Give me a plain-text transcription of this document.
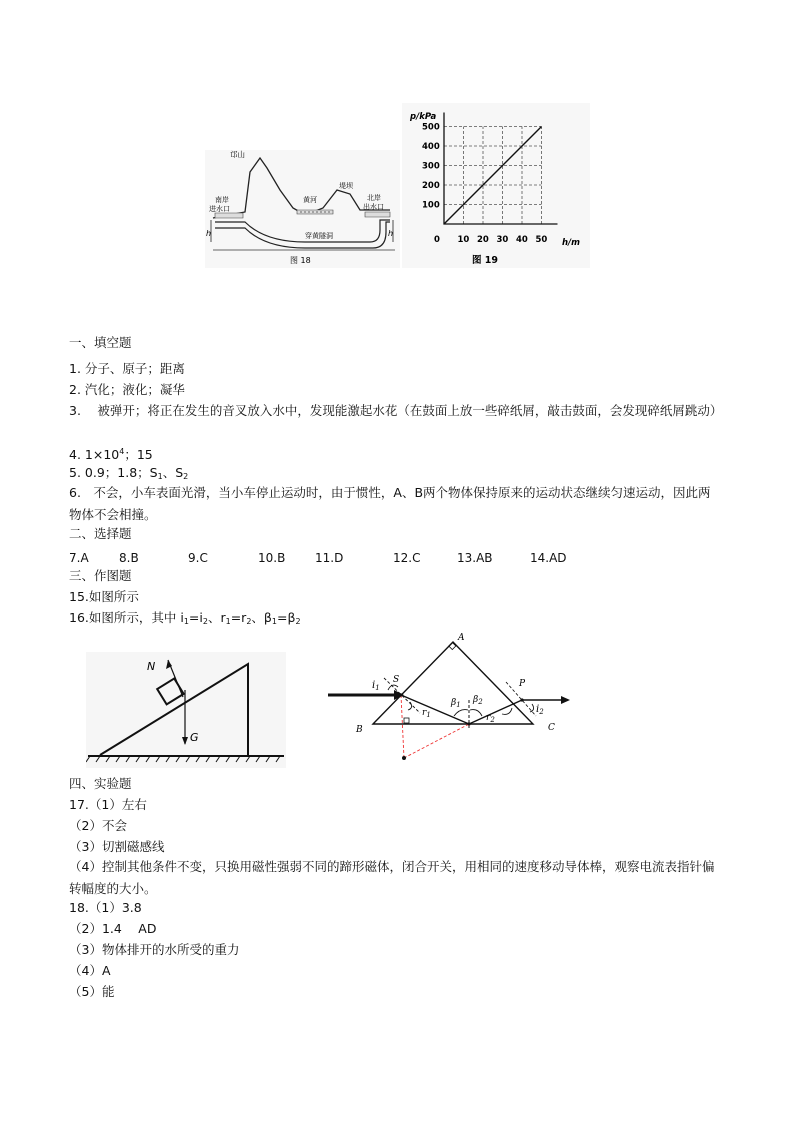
h	h
邙山
黄河
堤坝
南岸
进水口
北岸
出水口
穿黄隧洞
图 18
500
400
300
200
100
0 10 20 30 40 50
p/kPa
h/m
图 19
一、填空题
1. 分子、原子；距离
2. 汽化；液化；凝华
3.　 被弹开；将正在发生的音叉放入水中，发现能激起水花（在鼓面上放一些碎纸屑，敲击鼓面，会发现碎纸屑跳动）
4. $1\times 10^4$；15
5. 0.9；1.8；$S_1$、$S_2$
6.　不会，小车表面光滑，当小车停止运动时，由于惯性，A、B两个物体保持原来的运动状态继续匀速运动，因此两物体不会相撞。
二、选择题
7.A	8.B	9.C	10.B 11.D	12.C	13.AB	14.AD
三、作图题
15.如图所示
16.如图所示，其中 $i_1=i_2$、$r_1=r_2$、$\beta_1=\beta_2$
N
G
A
B	C
S	P
$i_1$
$r_1$
$\beta_1$ $\beta_2$
$r_2$
$i_2$
四、实验题
17.（1）左右
（2）不会
（3）切割磁感线
（4）控制其他条件不变，只换用磁性强弱不同的蹄形磁体，闭合开关，用相同的速度移动导体棒，观察电流表指针偏转幅度的大小。
18.（1）3.8
（2）1.4　 AD
（3）物体排开的水所受的重力
（4）A
（5）能
